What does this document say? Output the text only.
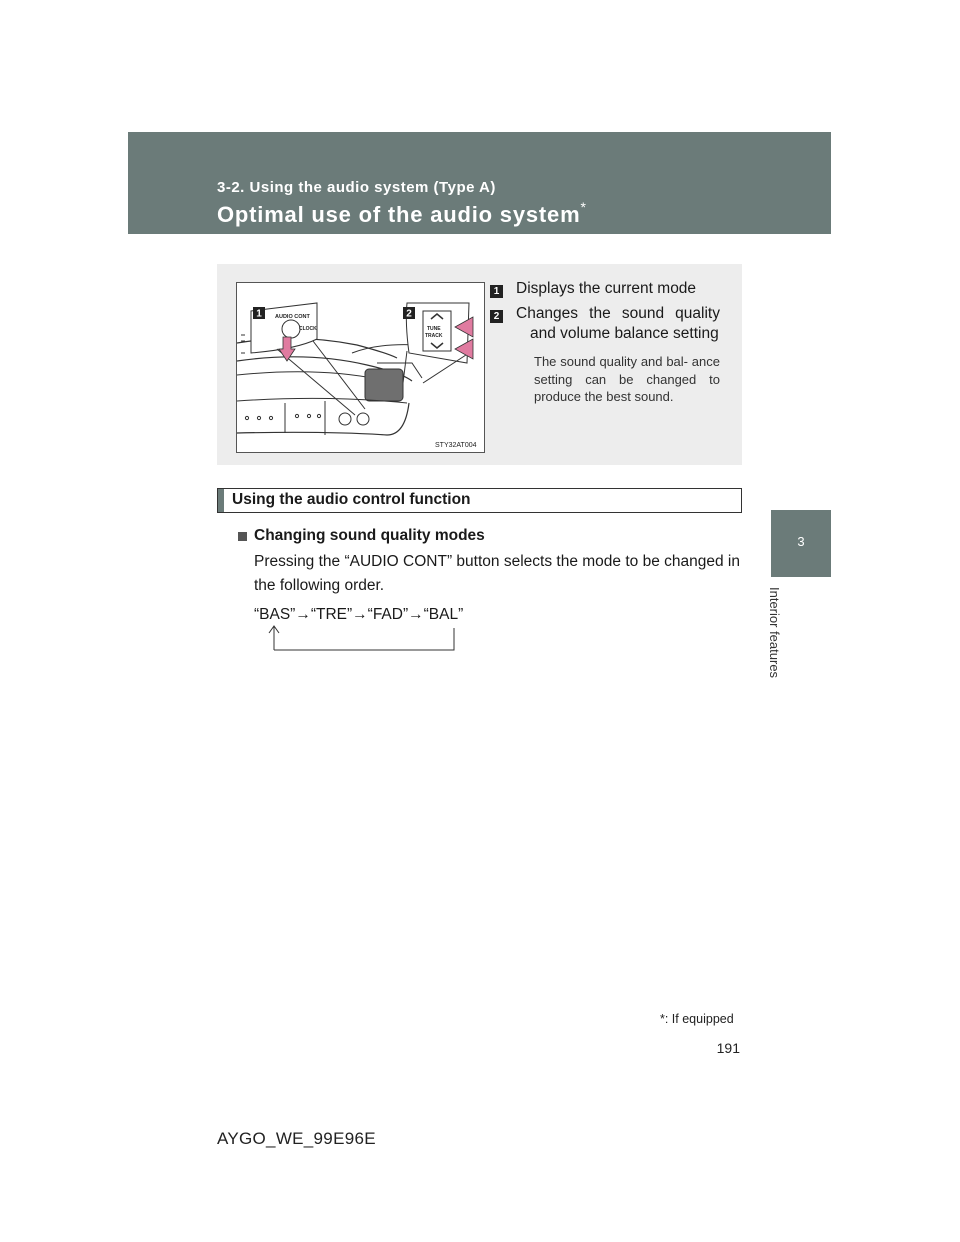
3-2. Using the audio system (Type A)
Optimal use of the audio system*
3
Interior features
1	2
AUDIO CONT
CLOCK	TUNE
TRACK
STY32AT004
1 Displays the current mode
2 Changes the sound quality
and volume balance setting
The sound quality and bal- ance setting can be changed to produce the best sound.
Using the audio control function
Changing sound quality modes
Pressing the “AUDIO CONT” button selects the mode to be changed in the following order.
“BAS”→“TRE”→“FAD”→“BAL”
*: If equipped
191
AYGO_WE_99E96E
